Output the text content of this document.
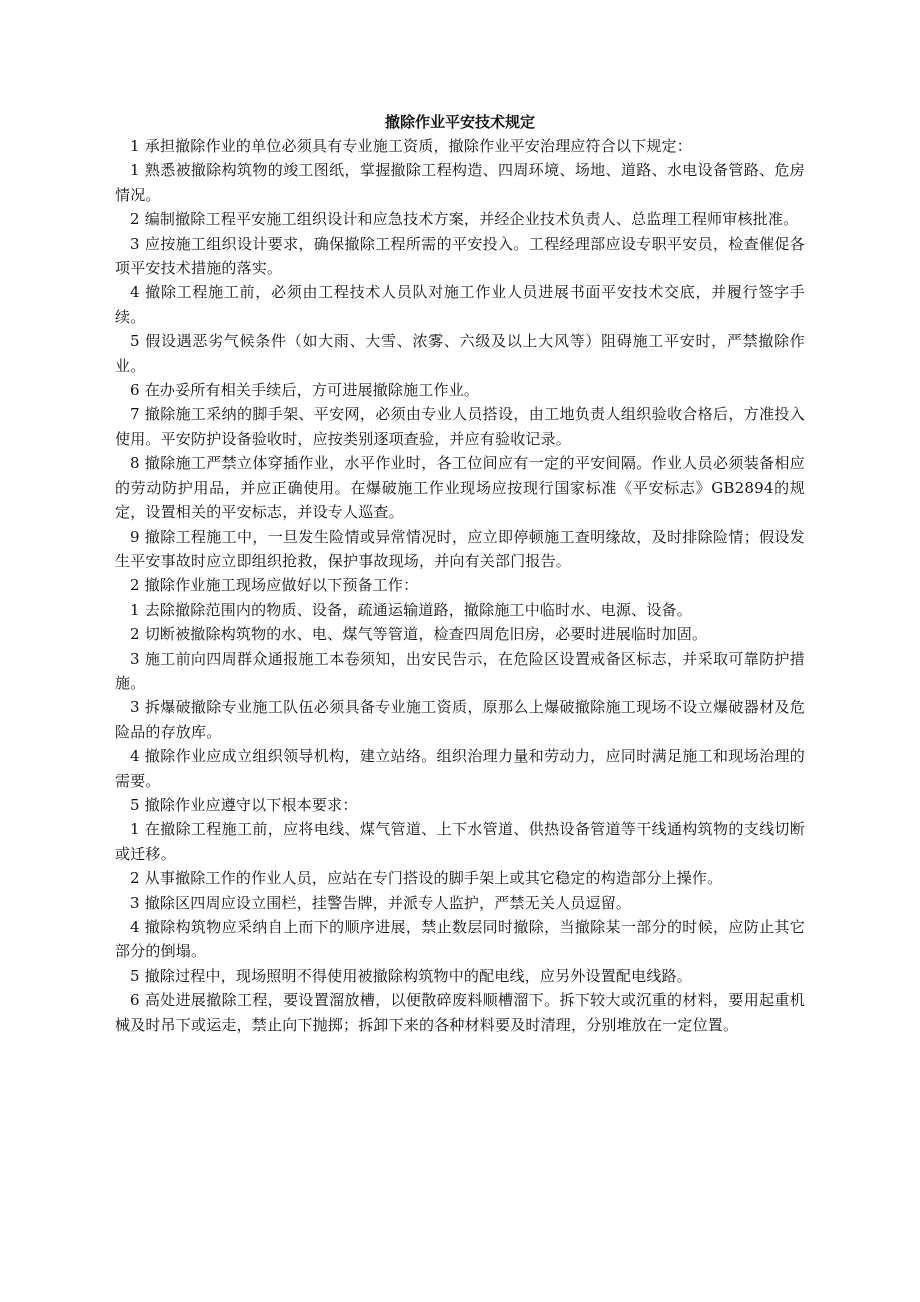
撤除作业平安技术规定

1 承担撤除作业的单位必须具有专业施工资质，撤除作业平安治理应符合以下规定：

1 熟悉被撤除构筑物的竣工图纸，掌握撤除工程构造、四周环境、场地、道路、水电设备管路、危房情况。

2 编制撤除工程平安施工组织设计和应急技术方案，并经企业技术负责人、总监理工程师审核批准。

3 应按施工组织设计要求，确保撤除工程所需的平安投入。工程经理部应设专职平安员，检查催促各项平安技术措施的落实。

4 撤除工程施工前，必须由工程技术人员队对施工作业人员进展书面平安技术交底，并履行签字手续。

5 假设遇恶劣气候条件（如大雨、大雪、浓雾、六级及以上大风等）阻碍施工平安时，严禁撤除作业。

6 在办妥所有相关手续后，方可进展撤除施工作业。

7 撤除施工采纳的脚手架、平安网，必须由专业人员搭设，由工地负责人组织验收合格后，方准投入使用。平安防护设备验收时，应按类别逐项查验，并应有验收记录。

8 撤除施工严禁立体穿插作业，水平作业时，各工位间应有一定的平安间隔。作业人员必须装备相应的劳动防护用品，并应正确使用。在爆破施工作业现场应按现行国家标准《平安标志》GB2894的规定，设置相关的平安标志，并设专人巡查。

9 撤除工程施工中，一旦发生险情或异常情况时，应立即停顿施工查明缘故，及时排除险情；假设发生平安事故时应立即组织抢救，保护事故现场，并向有关部门报告。

2 撤除作业施工现场应做好以下预备工作：

1 去除撤除范围内的物质、设备，疏通运输道路，撤除施工中临时水、电源、设备。

2 切断被撤除构筑物的水、电、煤气等管道，检查四周危旧房，必要时进展临时加固。

3 施工前向四周群众通报施工本卷须知，出安民告示，在危险区设置戒备区标志，并采取可靠防护措施。

3 拆爆破撤除专业施工队伍必须具备专业施工资质，原那么上爆破撤除施工现场不设立爆破器材及危险品的存放库。

4 撤除作业应成立组织领导机构，建立站络。组织治理力量和劳动力，应同时满足施工和现场治理的需要。

5 撤除作业应遵守以下根本要求：

1 在撤除工程施工前，应将电线、煤气管道、上下水管道、供热设备管道等干线通构筑物的支线切断或迁移。

2 从事撤除工作的作业人员，应站在专门搭设的脚手架上或其它稳定的构造部分上操作。

3 撤除区四周应设立围栏，挂警告牌，并派专人监护，严禁无关人员逗留。

4 撤除构筑物应采纳自上而下的顺序进展，禁止数层同时撤除，当撤除某一部分的时候，应防止其它部分的倒塌。

5 撤除过程中，现场照明不得使用被撤除构筑物中的配电线，应另外设置配电线路。

6 高处进展撤除工程，要设置溜放槽，以便散碎废料顺槽溜下。拆下较大或沉重的材料，要用起重机械及时吊下或运走，禁止向下抛掷；拆卸下来的各种材料要及时清理，分别堆放在一定位置。
